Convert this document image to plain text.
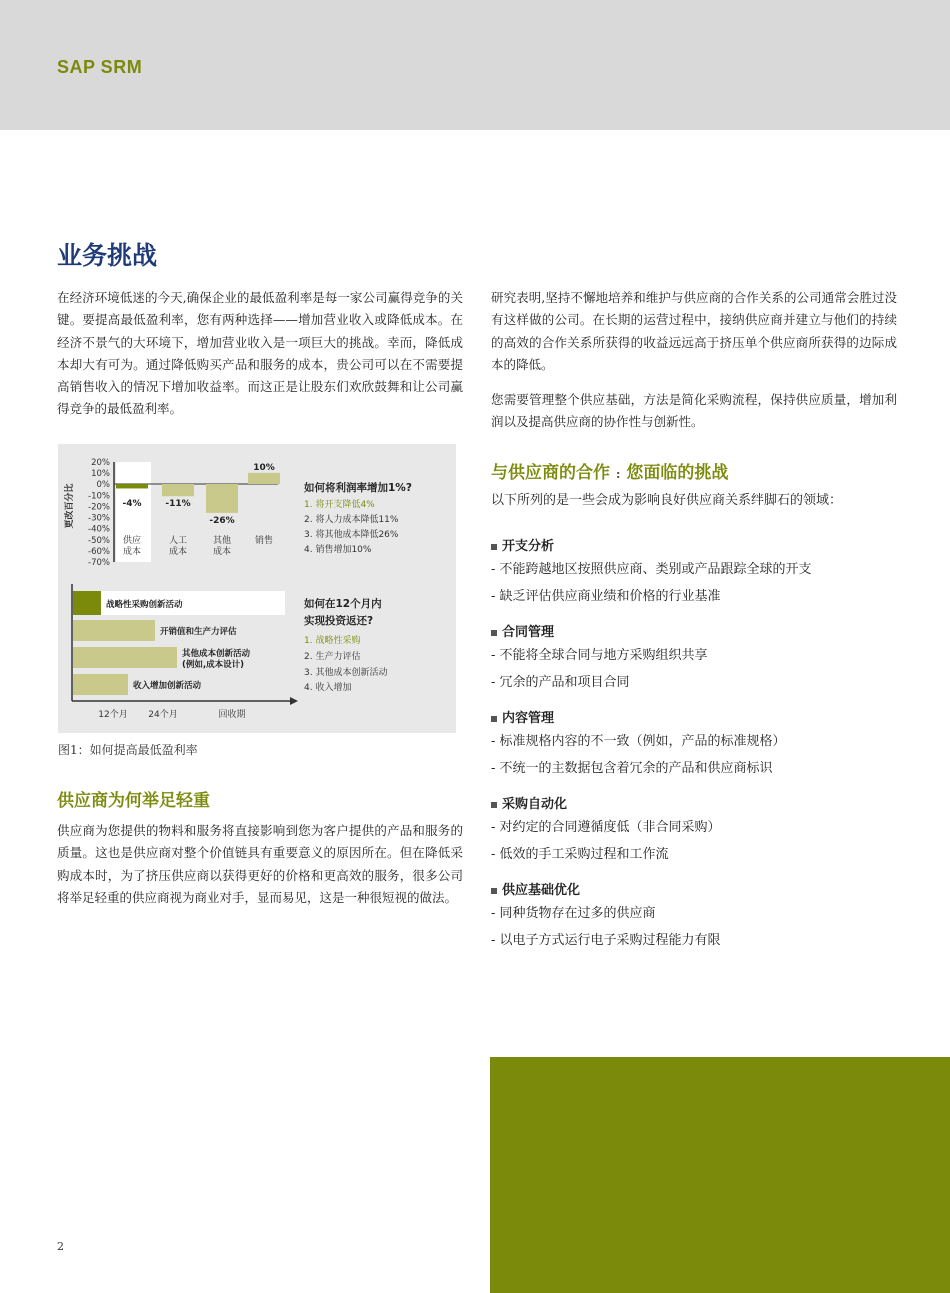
SAP SRM
业务挑战

在经济环境低迷的今天,确保企业的最低盈利率是每一家公司赢得竞争的关键。要提高最低盈利率，您有两种选择——增加营业收入或降低成本。在经济不景气的大环境下，增加营业收入是一项巨大的挑战。幸而，降低成本却大有可为。通过降低购买产品和服务的成本，贵公司可以在不需要提高销售收入的情况下增加收益率。而这正是让股东们欢欣鼓舞和让公司赢得竞争的最低盈利率。

研究表明,坚持不懈地培养和维护与供应商的合作关系的公司通常会胜过没有这样做的公司。在长期的运营过程中，接纳供应商并建立与他们的持续的高效的合作关系所获得的收益远远高于挤压单个供应商所获得的边际成本的降低。

您需要管理整个供应基础，方法是简化采购流程，保持供应质量，增加利润以及提高供应商的协作性与创新性。

更改百分比
20%
10%
0%
-10%
-20%
-30%
-40%
-50%
-60%
-70%
-4%
供应
成本
-11%
人工
成本
-26%
其他
成本
10%
销售
如何将利润率增加1%?
1. 将开支降低4%
2. 将人力成本降低11%
3. 将其他成本降低26%
4. 销售增加10%
战略性采购创新活动
开销值和生产力评估
其他成本创新活动
(例如,成本设计)
收入增加创新活动
12个月 24个月	回收期
如何在12个月内
实现投资返还?
1. 战略性采购
2. 生产力评估
3. 其他成本创新活动
4. 收入增加
图1：如何提高最低盈利率
供应商为何举足轻重

供应商为您提供的物料和服务将直接影响到您为客户提供的产品和服务的质量。这也是供应商对整个价值链具有重要意义的原因所在。但在降低采购成本时，为了挤压供应商以获得更好的价格和更高效的服务，很多公司将举足轻重的供应商视为商业对手，显而易见，这是一种很短视的做法。

与供应商的合作 : 您面临的挑战

以下所列的是一些会成为影响良好供应商关系绊脚石的领域：

开支分析
- 不能跨越地区按照供应商、类别或产品跟踪全球的开支
- 缺乏评估供应商业绩和价格的行业基准
合同管理
- 不能将全球合同与地方采购组织共享
- 冗余的产品和项目合同
内容管理
- 标准规格内容的不一致（例如，产品的标准规格）
- 不统一的主数据包含着冗余的产品和供应商标识
采购自动化
- 对约定的合同遵循度低（非合同采购）
- 低效的手工采购过程和工作流
供应基础优化
- 同种货物存在过多的供应商
- 以电子方式运行电子采购过程能力有限
2
